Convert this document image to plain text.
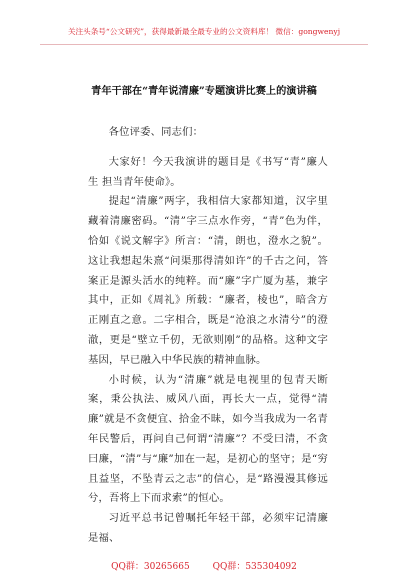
关注头条号“公文研究”，获得最新最全最专业的公文资料库！ 微信：gongwenyj
青年干部在“青年说清廉”专题演讲比赛上的演讲稿

各位评委、同志们：

大家好！今天我演讲的题目是《书写“青”廉人生 担当青年使命》。

提起“清廉”两字，我相信大家都知道，汉字里藏着清廉密码。“清”字三点水作旁，“青”色为伴，恰如《说文解字》所言：“清，朗也，澄水之貌”。这让我想起朱熹“问渠那得清如许”的千古之问，答案正是源头活水的纯粹。而“廉”字广厦为基，兼字其中，正如《周礼》所载：“廉者，棱也”，暗含方正刚直之意。二字相合，既是“沧浪之水清兮”的澄澈，更是“壁立千仞，无欲则刚”的品格。这种文字基因，早已融入中华民族的精神血脉。

小时候，认为“清廉”就是电视里的包青天断案，秉公执法、威风八面，再长大一点，觉得“清廉”就是不贪便宜、拾金不昧，如今当我成为一名青年民警后，再问自己何谓“清廉”？不受曰清，不贪曰廉，“清”与“廉”加在一起，是初心的坚守；是“穷且益坚，不坠青云之志”的信心，是“路漫漫其修远兮，吾将上下而求索”的恒心。

习近平总书记曾嘱托年轻干部，必须牢记清廉是福、

QQ群：30265665	QQ群：535304092
